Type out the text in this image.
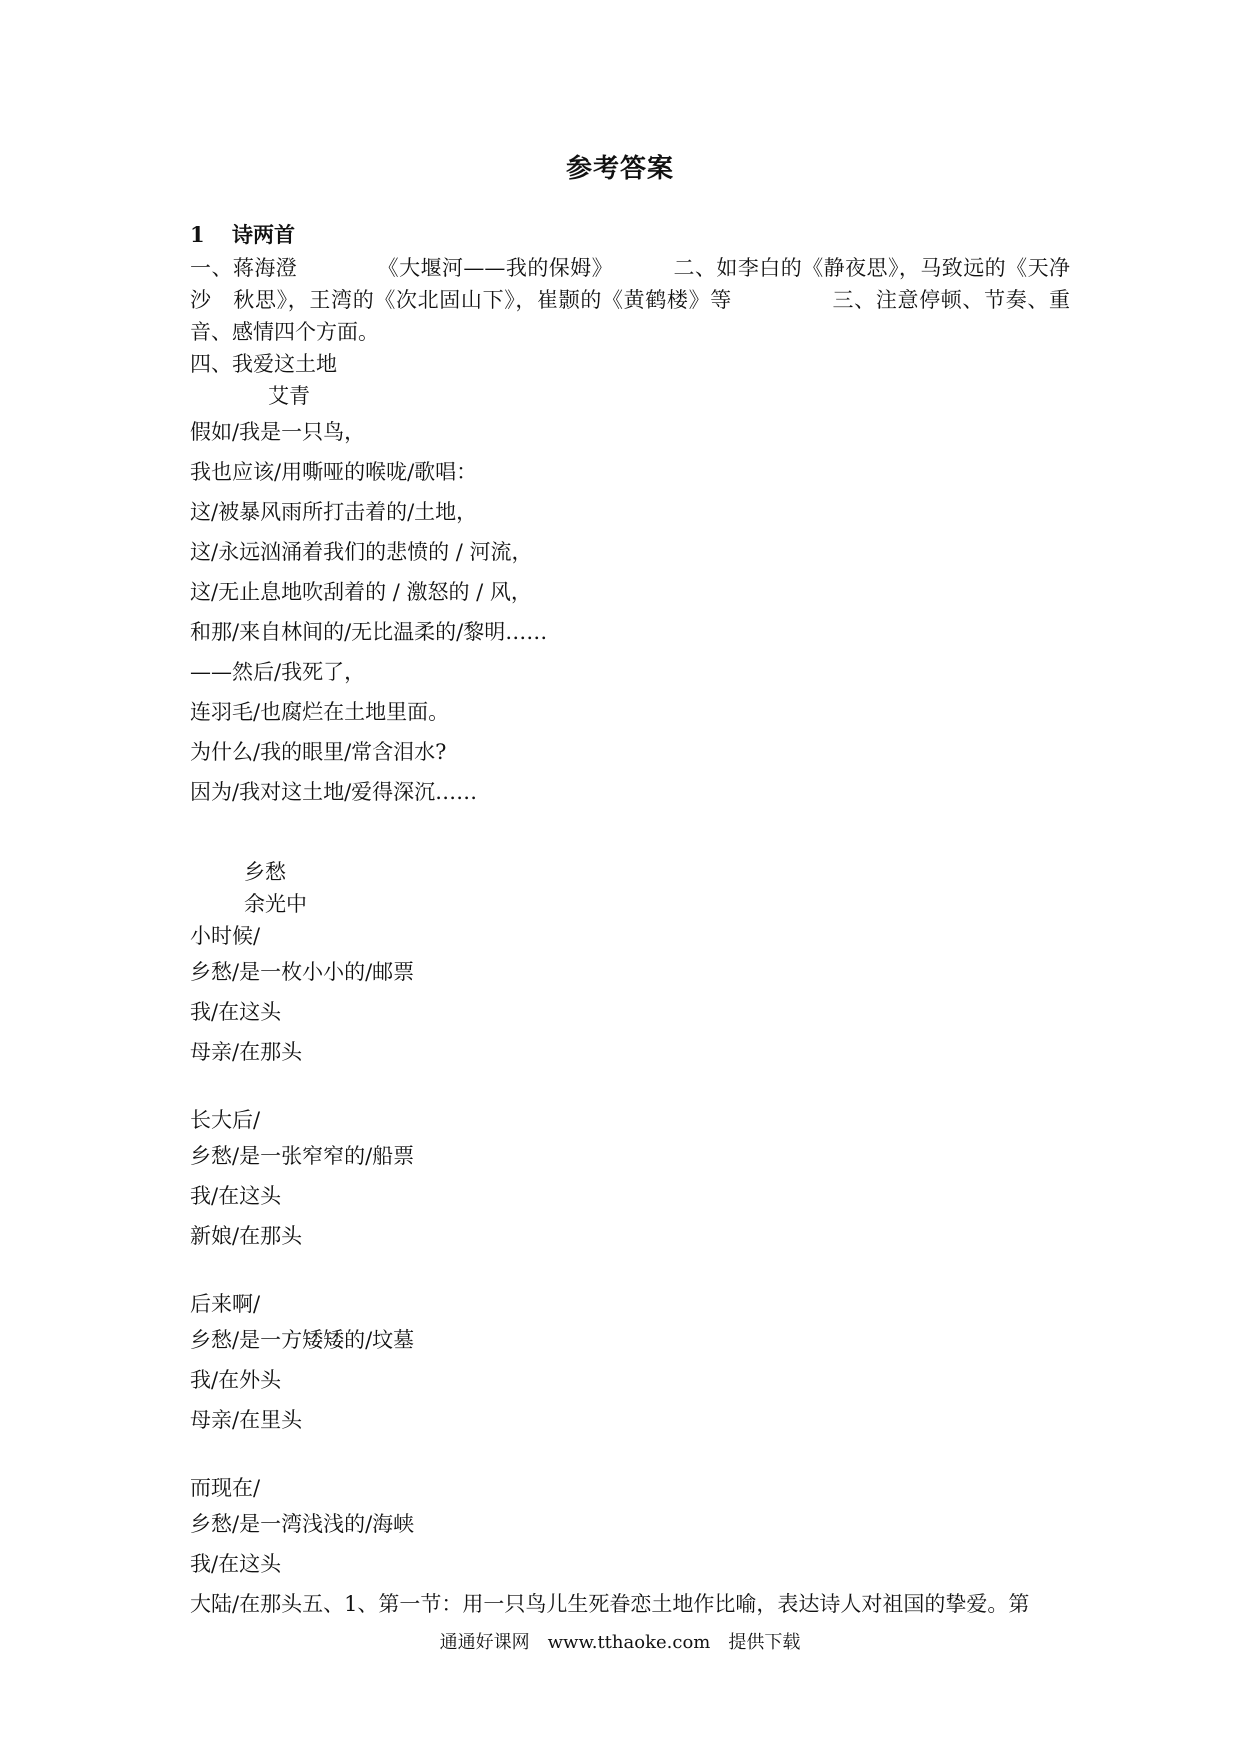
参考答案
1 诗两首
一、蒋海澄	《大堰河——我的保姆》	二、如李白的《静夜思》，马致远的《天净沙　秋思》，王湾的《次北固山下》，崔颢的《黄鹤楼》等	三、注意停顿、节奏、重音、感情四个方面。
四、我爱这土地
艾青
假如/我是一只鸟，
我也应该/用嘶哑的喉咙/歌唱：
这/被暴风雨所打击着的/土地，
这/永远汹涌着我们的悲愤的 / 河流，
这/无止息地吹刮着的 / 激怒的 / 风，
和那/来自林间的/无比温柔的/黎明……
——然后/我死了，
连羽毛/也腐烂在土地里面。
为什么/我的眼里/常含泪水?
因为/我对这土地/爱得深沉……
乡愁
余光中
小时候/
乡愁/是一枚小小的/邮票
我/在这头
母亲/在那头
长大后/
乡愁/是一张窄窄的/船票
我/在这头
新娘/在那头
后来啊/
乡愁/是一方矮矮的/坟墓
我/在外头
母亲/在里头
而现在/
乡愁/是一湾浅浅的/海峡
我/在这头
大陆/在那头五、1、第一节：用一只鸟儿生死眷恋土地作比喻，表达诗人对祖国的挚爱。第
通通好课网　www.tthaoke.com　提供下载
